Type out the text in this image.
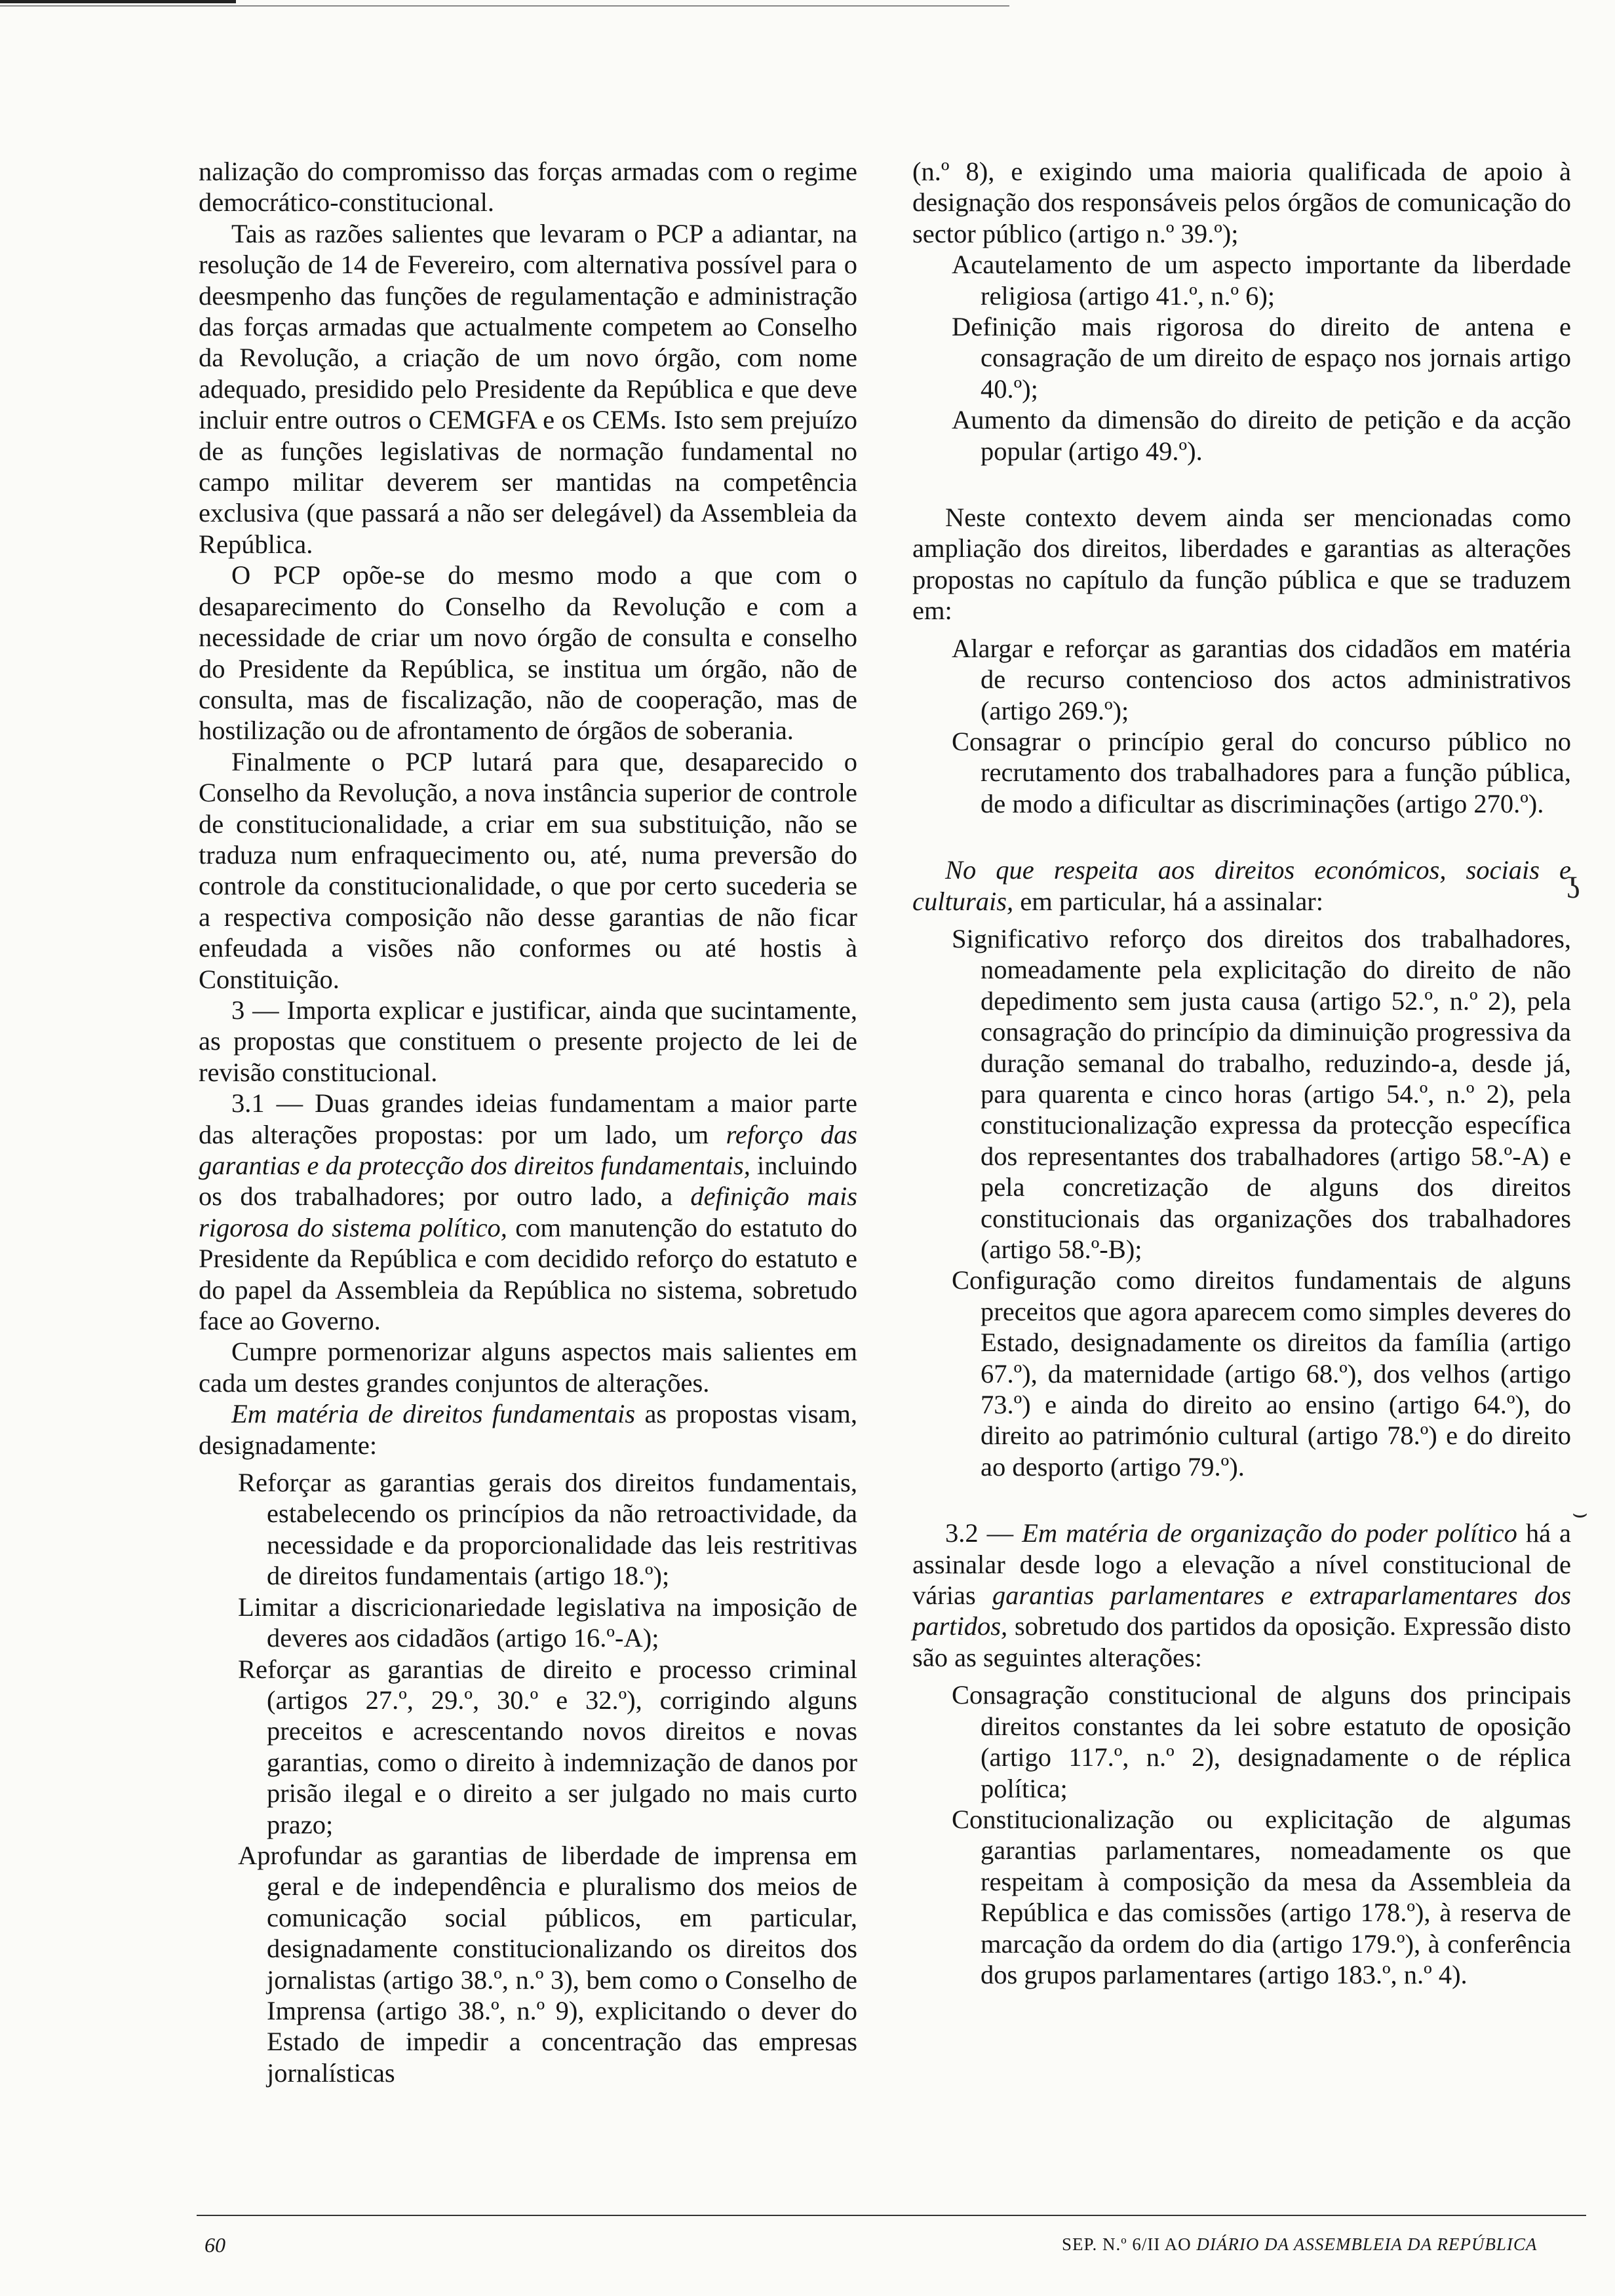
nalização do compromisso das forças armadas com o regime democrático-constitucional.

Tais as razões salientes que levaram o PCP a adiantar, na resolução de 14 de Fevereiro, com alternativa possível para o deesmpenho das funções de regulamentação e administração das forças armadas que actualmente competem ao Conselho da Revolução, a criação de um novo órgão, com nome adequado, presidido pelo Presidente da República e que deve incluir entre outros o CEMGFA e os CEMs. Isto sem prejuízo de as funções legislativas de normação fundamental no campo militar deverem ser mantidas na competência exclusiva (que passará a não ser delegável) da Assembleia da República.

O PCP opõe-se do mesmo modo a que com o desaparecimento do Conselho da Revolução e com a necessidade de criar um novo órgão de consulta e conselho do Presidente da República, se institua um órgão, não de consulta, mas de fiscalização, não de cooperação, mas de hostilização ou de afrontamento de órgãos de soberania.

Finalmente o PCP lutará para que, desaparecido o Conselho da Revolução, a nova instância superior de controle de constitucionalidade, a criar em sua substituição, não se traduza num enfraquecimento ou, até, numa preversão do controle da constitucionalidade, o que por certo sucederia se a respectiva composição não desse garantias de não ficar enfeudada a visões não conformes ou até hostis à Constituição.

3 — Importa explicar e justificar, ainda que sucintamente, as propostas que constituem o presente projecto de lei de revisão constitucional.

3.1 — Duas grandes ideias fundamentam a maior parte das alterações propostas: por um lado, um reforço das garantias e da protecção dos direitos fundamentais, incluindo os dos trabalhadores; por outro lado, a definição mais rigorosa do sistema político, com manutenção do estatuto do Presidente da República e com decidido reforço do estatuto e do papel da Assembleia da República no sistema, sobretudo face ao Governo.

Cumpre pormenorizar alguns aspectos mais salientes em cada um destes grandes conjuntos de alterações.

Em matéria de direitos fundamentais as propostas visam, designadamente:

Reforçar as garantias gerais dos direitos fundamentais, estabelecendo os princípios da não retroactividade, da necessidade e da proporcionalidade das leis restritivas de direitos fundamentais (artigo 18.º);

Limitar a discricionariedade legislativa na imposição de deveres aos cidadãos (artigo 16.º-A);

Reforçar as garantias de direito e processo criminal (artigos 27.º, 29.º, 30.º e 32.º), corrigindo alguns preceitos e acrescentando novos direitos e novas garantias, como o direito à indemnização de danos por prisão ilegal e o direito a ser julgado no mais curto prazo;

Aprofundar as garantias de liberdade de imprensa em geral e de independência e pluralismo dos meios de comunicação social públicos, em particular, designadamente constitucionalizando os direitos dos jornalistas (artigo 38.º, n.º 3), bem como o Conselho de Imprensa (artigo 38.º, n.º 9), explicitando o dever do Estado de impedir a concentração das empresas jornalísticas

(n.º 8), e exigindo uma maioria qualificada de apoio à designação dos responsáveis pelos órgãos de comunicação do sector público (artigo n.º 39.º);

Acautelamento de um aspecto importante da liberdade religiosa (artigo 41.º, n.º 6);

Definição mais rigorosa do direito de antena e consagração de um direito de espaço nos jornais artigo 40.º);

Aumento da dimensão do direito de petição e da acção popular (artigo 49.º).

Neste contexto devem ainda ser mencionadas como ampliação dos direitos, liberdades e garantias as alterações propostas no capítulo da função pública e que se traduzem em:

Alargar e reforçar as garantias dos cidadãos em matéria de recurso contencioso dos actos administrativos (artigo 269.º);

Consagrar o princípio geral do concurso público no recrutamento dos trabalhadores para a função pública, de modo a dificultar as discriminações (artigo 270.º).

No que respeita aos direitos económicos, sociais e culturais, em particular, há a assinalar:

Significativo reforço dos direitos dos trabalhadores, nomeadamente pela explicitação do direito de não depedimento sem justa causa (artigo 52.º, n.º 2), pela consagração do princípio da diminuição progressiva da duração semanal do trabalho, reduzindo-a, desde já, para quarenta e cinco horas (artigo 54.º, n.º 2), pela constitucionalização expressa da protecção específica dos representantes dos trabalhadores (artigo 58.º-A) e pela concretização de alguns dos direitos constitucionais das organizações dos trabalhadores (artigo 58.º-B);

Configuração como direitos fundamentais de alguns preceitos que agora aparecem como simples deveres do Estado, designadamente os direitos da família (artigo 67.º), da maternidade (artigo 68.º), dos velhos (artigo 73.º) e ainda do direito ao ensino (artigo 64.º), do direito ao património cultural (artigo 78.º) e do direito ao desporto (artigo 79.º).

3.2 — Em matéria de organização do poder político há a assinalar desde logo a elevação a nível constitucional de várias garantias parlamentares e extraparlamentares dos partidos, sobretudo dos partidos da oposição. Expressão disto são as seguintes alterações:

Consagração constitucional de alguns dos principais direitos constantes da lei sobre estatuto de oposição (artigo 117.º, n.º 2), designadamente o de réplica política;

Constitucionalização ou explicitação de algumas garantias parlamentares, nomeadamente os que respeitam à composição da mesa da Assembleia da República e das comissões (artigo 178.º), à reserva de marcação da ordem do dia (artigo 179.º), à conferência dos grupos parlamentares (artigo 183.º, n.º 4).

ʖ
⌣
60	SEP. N.º 6/II AO DIÁRIO DA ASSEMBLEIA DA REPÚBLICA
